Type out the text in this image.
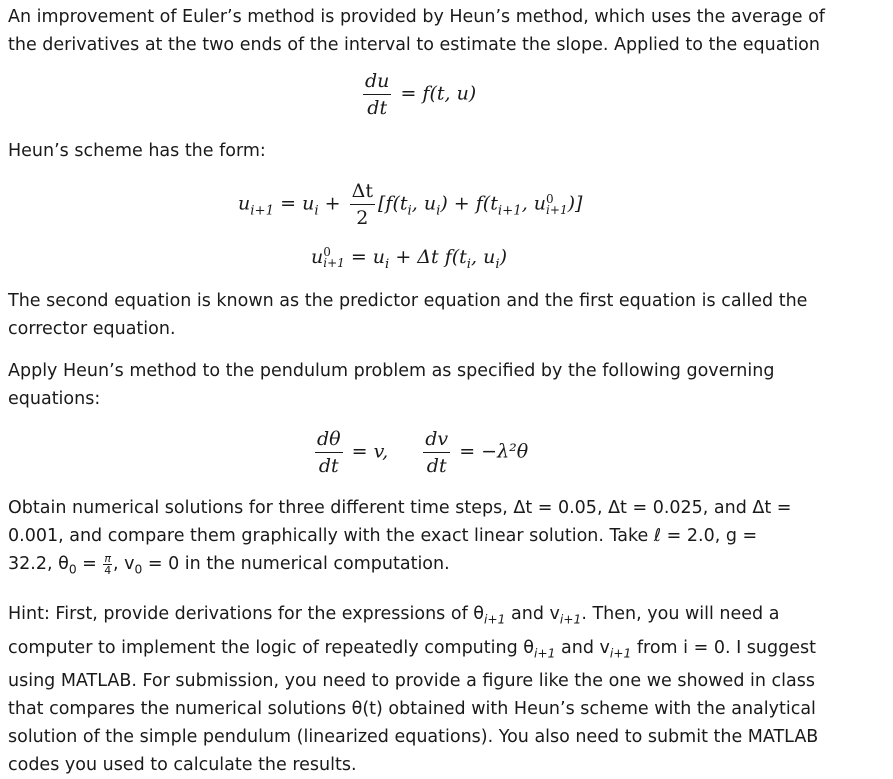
An improvement of Euler’s method is provided by Heun’s method, which uses the average of
the derivatives at the two ends of the interval to estimate the slope. Applied to the equation

$\frac{du}{dt} = f(t$, u)

Heun’s scheme has the form:

$u_{i+1} = u_i + \frac{\Delta t}{2} [f(t_i$, $u_i) + f(t_{i+1}$, u 0
i+1 )]
u 0
$i+1 = u_i + \Delta t$ $f(t_i$, $u_i$)

The second equation is known as the predictor equation and the first equation is called the
corrector equation.

Apply Heun’s method to the pendulum problem as specified by the following governing
equations:

$\frac{d\theta}{dt} = v$, $\frac{dv}{dt} = -\lambda^2\theta$

Obtain numerical solutions for three different time steps, Δt = 0.05, Δt = 0.025, and Δt =
0.001, and compare them graphically with the exact linear solution. Take ℓ = 2.0, g =
32.2, $\theta_0 = \frac{\pi}{4}$ , $v_0 = 0$ in the numerical computation.

Hint: First, provide derivations for the expressions of $\theta_{i+1}$ and $v_{i+1}$. Then, you will need a
computer to implement the logic of repeatedly computing $\theta_{i+1}$ and $v_{i+1}$ from i = 0. I suggest
using MATLAB. For submission, you need to provide a figure like the one we showed in class
that compares the numerical solutions θ(t) obtained with Heun’s scheme with the analytical
solution of the simple pendulum (linearized equations). You also need to submit the MATLAB
codes you used to calculate the results.
